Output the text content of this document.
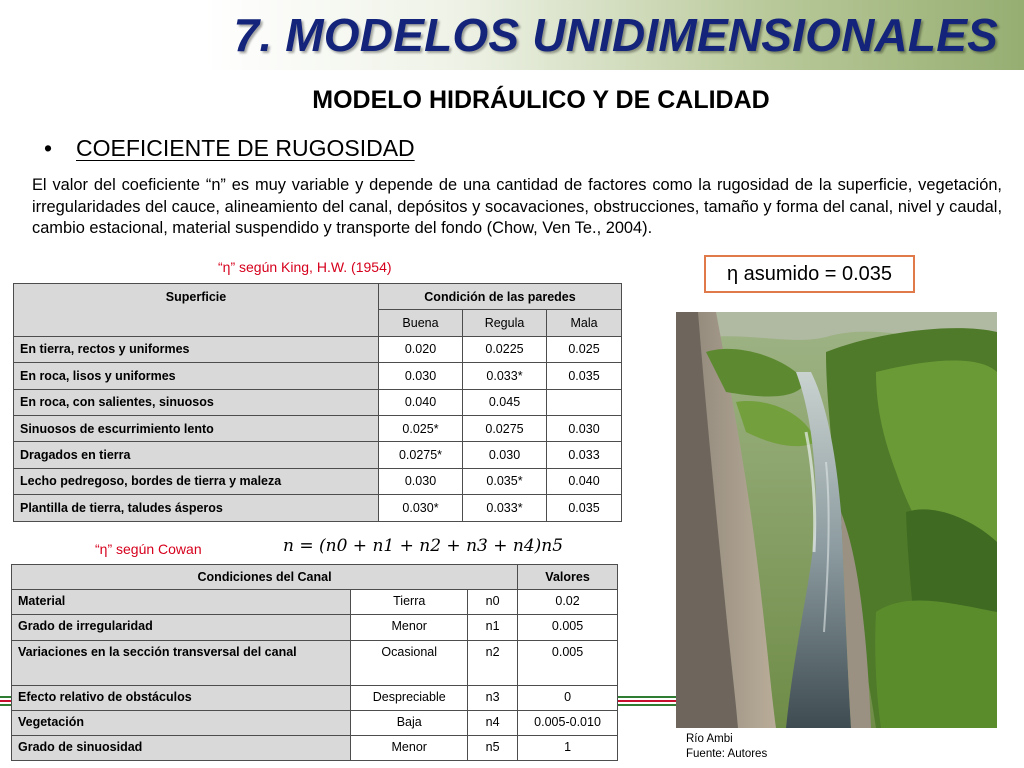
7. MODELOS UNIDIMENSIONALES
MODELO HIDRÁULICO Y DE CALIDAD
• COEFICIENTE DE RUGOSIDAD
El valor del coeficiente “n” es muy variable y depende de una cantidad de factores como la rugosidad de la superficie, vegetación, irregularidades del cauce, alineamiento del canal, depósitos y socavaciones, obstrucciones, tamaño y forma del canal, nivel y caudal, cambio estacional, material suspendido y transporte del fondo (Chow, Ven Te., 2004).
“η” según King, H.W. (1954)	η asumido = 0.035
Superficie	Condición de las paredes		
	Buena	Regula	Mala
En tierra, rectos y uniformes	0.020	0.0225	0.025
En roca, lisos y uniformes	0.030	0.033*	0.035
En roca, con salientes, sinuosos	0.040	0.045	
Sinuosos de escurrimiento lento	0.025*	0.0275	0.030
Dragados en tierra	0.0275*	0.030	0.033
Lecho pedregoso, bordes de tierra y maleza	0.030	0.035*	0.040
Plantilla de tierra, taludes ásperos	0.030*	0.033*	0.035
“η” según Cowan	𝑛 = (𝑛0 + 𝑛1 + 𝑛2 + 𝑛3 + 𝑛4)𝑛5
Condiciones del Canal			Valores
Material	Tierra	n0	0.02
Grado de irregularidad	Menor	n1	0.005
Variaciones en la sección transversal del canal	Ocasional	n2	0.005
Efecto relativo de obstáculos	Despreciable	n3	0
Vegetación	Baja	n4	0.005-0.010
Grado de sinuosidad	Menor	n5	1
Río Ambi
Fuente: Autores
